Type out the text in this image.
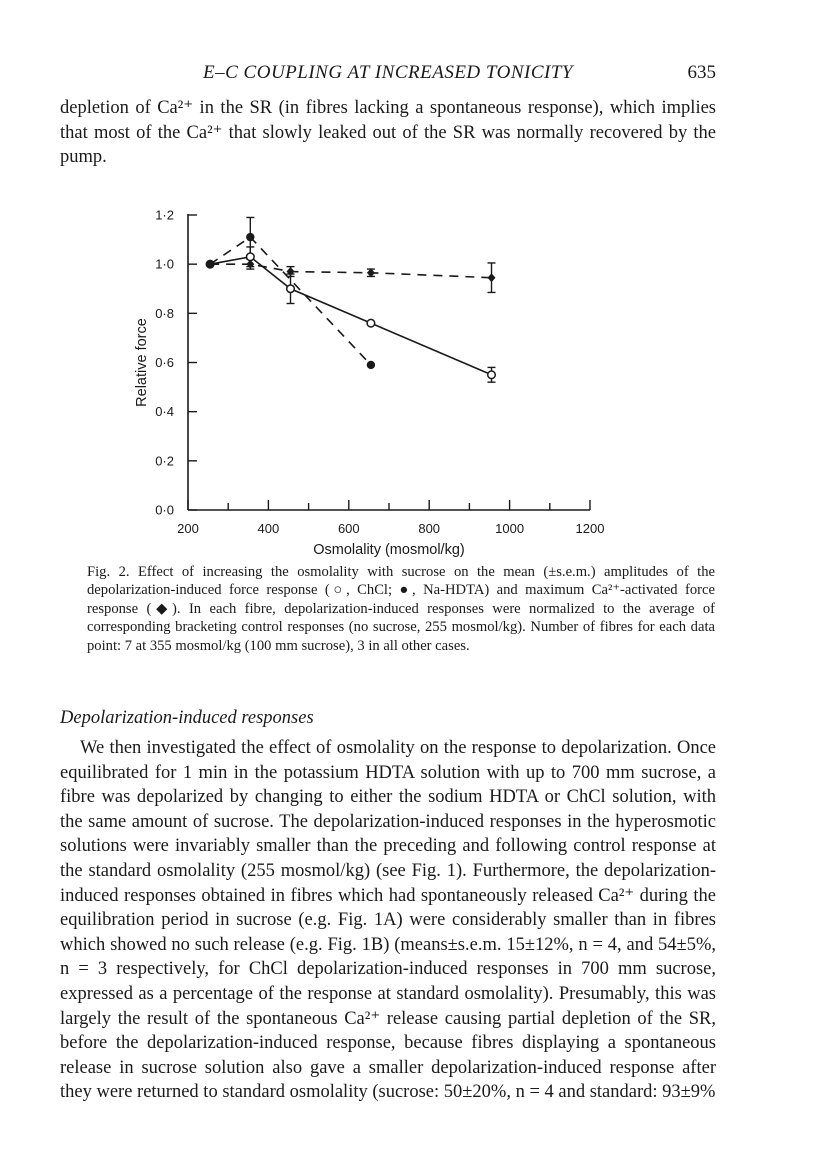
E–C COUPLING AT INCREASED TONICITY	635

depletion of Ca²⁺ in the SR (in fibres lacking a spontaneous response), which implies that most of the Ca²⁺ that slowly leaked out of the SR was normally recovered by the pump.

0·0
0·2
0·4
0·6
0·8
1·0
1·2
200	400	600	800	1000	1200
Osmolality (mosmol/kg)
Relative force

Fig. 2. Effect of increasing the osmolality with sucrose on the mean (±s.e.m.) amplitudes of the depolarization-induced force response (○, ChCl; ●, Na-HDTA) and maximum Ca²⁺-activated force response (◆). In each fibre, depolarization-induced responses were normalized to the average of corresponding bracketing control responses (no sucrose, 255 mosmol/kg). Number of fibres for each data point: 7 at 355 mosmol/kg (100 mm sucrose), 3 in all other cases.

Depolarization-induced responses

We then investigated the effect of osmolality on the response to depolarization. Once equilibrated for 1 min in the potassium HDTA solution with up to 700 mm sucrose, a fibre was depolarized by changing to either the sodium HDTA or ChCl solution, with the same amount of sucrose. The depolarization-induced responses in the hyperosmotic solutions were invariably smaller than the preceding and following control response at the standard osmolality (255 mosmol/kg) (see Fig. 1). Furthermore, the depolarization-induced responses obtained in fibres which had spontaneously released Ca²⁺ during the equilibration period in sucrose (e.g. Fig. 1A) were considerably smaller than in fibres which showed no such release (e.g. Fig. 1B) (means±s.e.m. 15±12%, n = 4, and 54±5%, n = 3 respectively, for ChCl depolarization-induced responses in 700 mm sucrose, expressed as a percentage of the response at standard osmolality). Presumably, this was largely the result of the spontaneous Ca²⁺ release causing partial depletion of the SR, before the depolarization-induced response, because fibres displaying a spontaneous release in sucrose solution also gave a smaller depolarization-induced response after they were returned to standard osmolality (sucrose: 50±20%, n = 4 and standard: 93±9%
